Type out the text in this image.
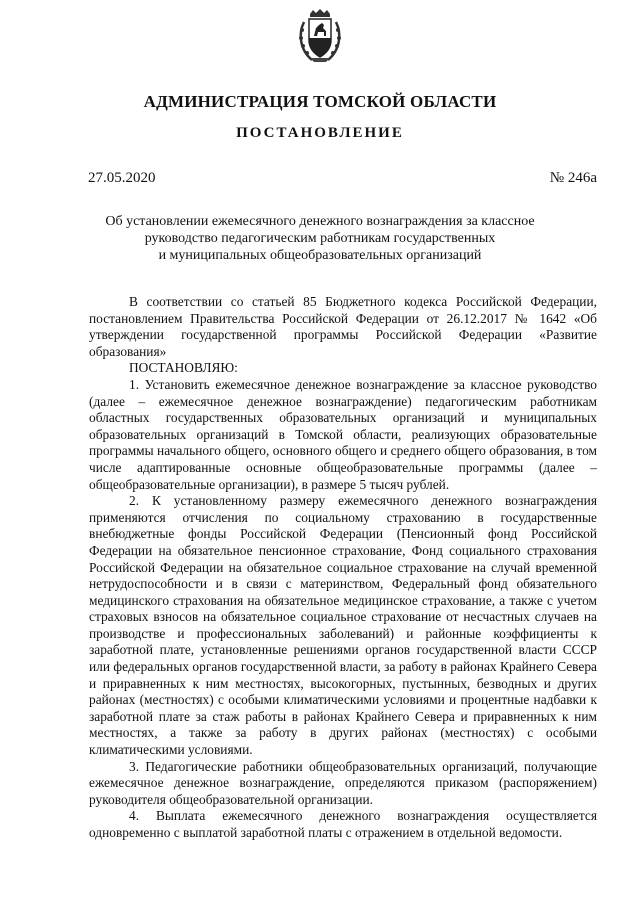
АДМИНИСТРАЦИЯ ТОМСКОЙ ОБЛАСТИ
ПОСТАНОВЛЕНИЕ
27.05.2020	№ 246а
Об установлении ежемесячного денежного вознаграждения за классное
руководство педагогическим работникам государственных
и муниципальных общеобразовательных организаций

В соответствии со статьей 85 Бюджетного кодекса Российской Федерации, постановлением Правительства Российской Федерации от 26.12.2017 № 1642 «Об утверждении государственной программы Российской Федерации «Развитие образования»

ПОСТАНОВЛЯЮ:

1. Установить ежемесячное денежное вознаграждение за классное руководство (далее – ежемесячное денежное вознаграждение) педагогическим работникам областных государственных образовательных организаций и муниципальных образовательных организаций в Томской области, реализующих образовательные программы начального общего, основного общего и среднего общего образования, в том числе адаптированные основные общеобразовательные программы (далее – общеобразовательные организации), в размере 5 тысяч рублей.

2. К установленному размеру ежемесячного денежного вознаграждения применяются отчисления по социальному страхованию в государственные внебюджетные фонды Российской Федерации (Пенсионный фонд Российской Федерации на обязательное пенсионное страхование, Фонд социального страхования Российской Федерации на обязательное социальное страхование на случай временной нетрудоспособности и в связи с материнством, Федеральный фонд обязательного медицинского страхования на обязательное медицинское страхование, а также с учетом страховых взносов на обязательное социальное страхование от несчастных случаев на производстве и профессиональных заболеваний) и районные коэффициенты к заработной плате, установленные решениями органов государственной власти СССР или федеральных органов государственной власти, за работу в районах Крайнего Севера и приравненных к ним местностях, высокогорных, пустынных, безводных и других районах (местностях) с особыми климатическими условиями и процентные надбавки к заработной плате за стаж работы в районах Крайнего Севера и приравненных к ним местностях, а также за работу в других районах (местностях) с особыми климатическими условиями.

3. Педагогические работники общеобразовательных организаций, получающие ежемесячное денежное вознаграждение, определяются приказом (распоряжением) руководителя общеобразовательной организации.

4. Выплата ежемесячного денежного вознаграждения осуществляется одновременно с выплатой заработной платы с отражением в отдельной ведомости.
